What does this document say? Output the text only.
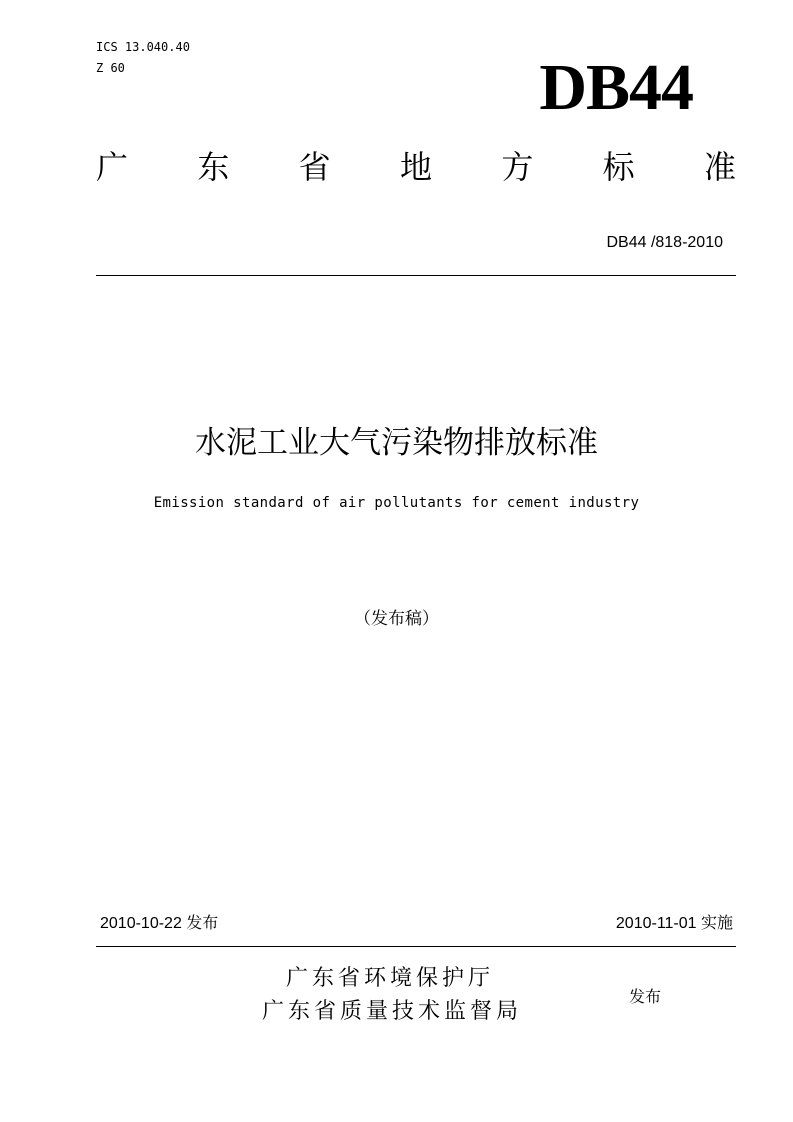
ICS 13.040.40
Z 60	DB44
广 东 省 地 方 标 准
DB44 /818-2010
水泥工业大气污染物排放标准
Emission standard of air pollutants for cement industry
（发布稿）
2010-10-22 发布	2010-11-01 实施
广东省环境保护厅
广东省质量技术监督局
发布
